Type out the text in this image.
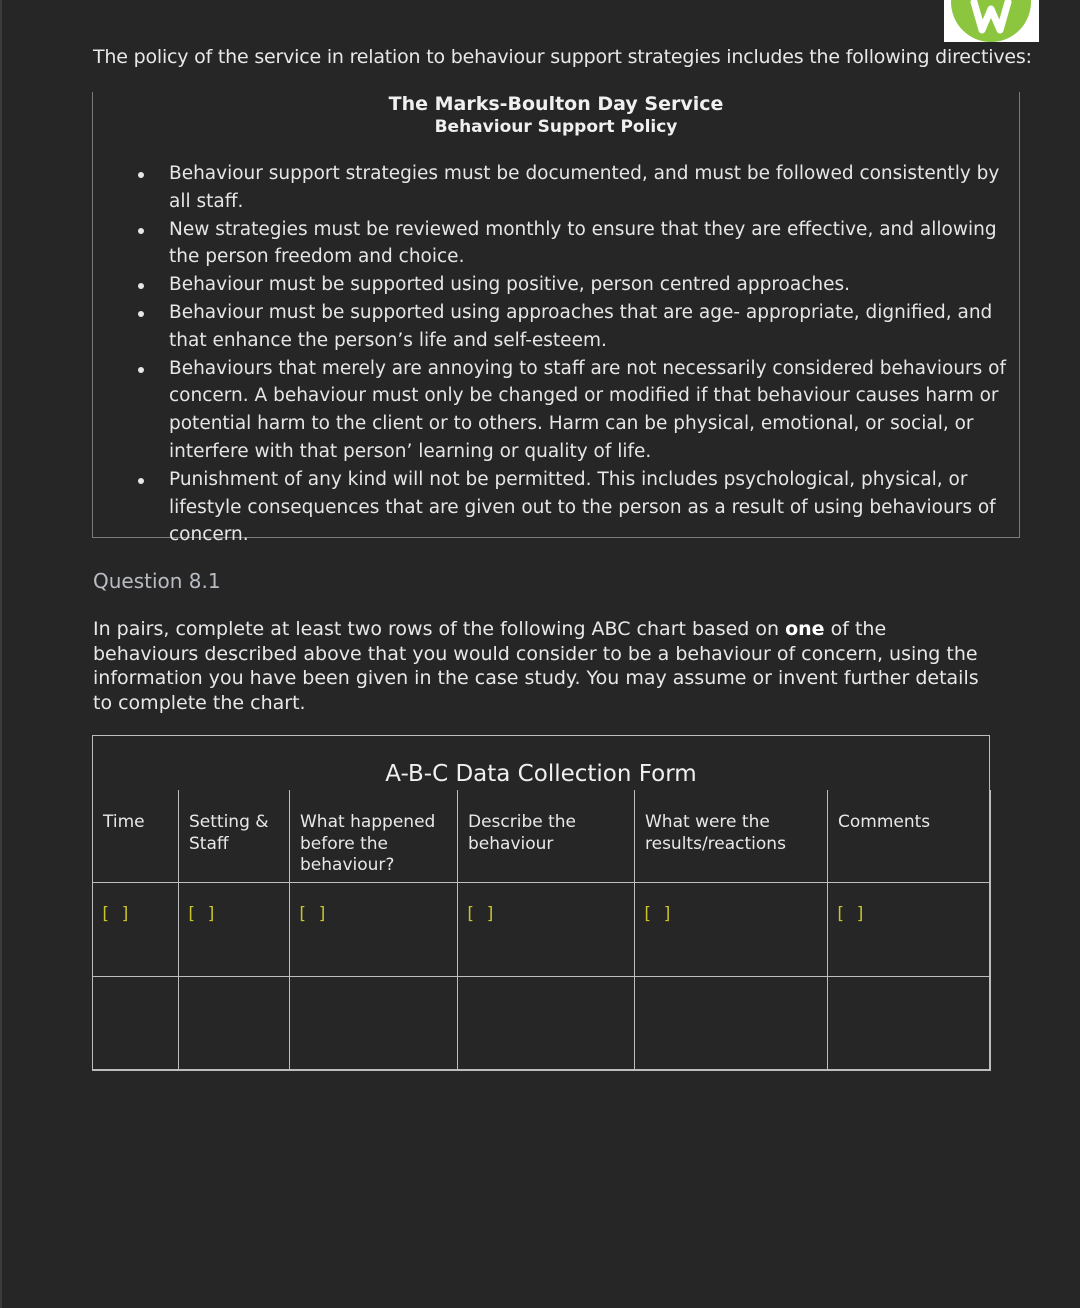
The policy of the service in relation to behaviour support strategies includes the following directives:
The Marks-Boulton Day Service
Behaviour Support Policy
Behaviour support strategies must be documented, and must be followed consistently by all staff.
New strategies must be reviewed monthly to ensure that they are effective, and allowing the person freedom and choice.
Behaviour must be supported using positive, person centred approaches.
Behaviour must be supported using approaches that are age- appropriate, dignified, and that enhance the person’s life and self-esteem.
Behaviours that merely are annoying to staff are not necessarily considered behaviours of concern. A behaviour must only be changed or modified if that behaviour causes harm or potential harm to the client or to others. Harm can be physical, emotional, or social, or interfere with that person’ learning or quality of life.
Punishment of any kind will not be permitted. This includes psychological, physical, or lifestyle consequences that are given out to the person as a result of using behaviours of concern.
Question 8.1
In pairs, complete at least two rows of the following ABC chart based on one of the behaviours described above that you would consider to be a behaviour of concern, using the information you have been given in the case study. You may assume or invent further details to complete the chart.
A-B-C Data Collection Form
Time	Setting & Staff	What happened before the behaviour?	Describe the behaviour	What were the results/reactions	Comments

[ ]	[ ]	[ ]	[ ]	[ ]	[ ]
